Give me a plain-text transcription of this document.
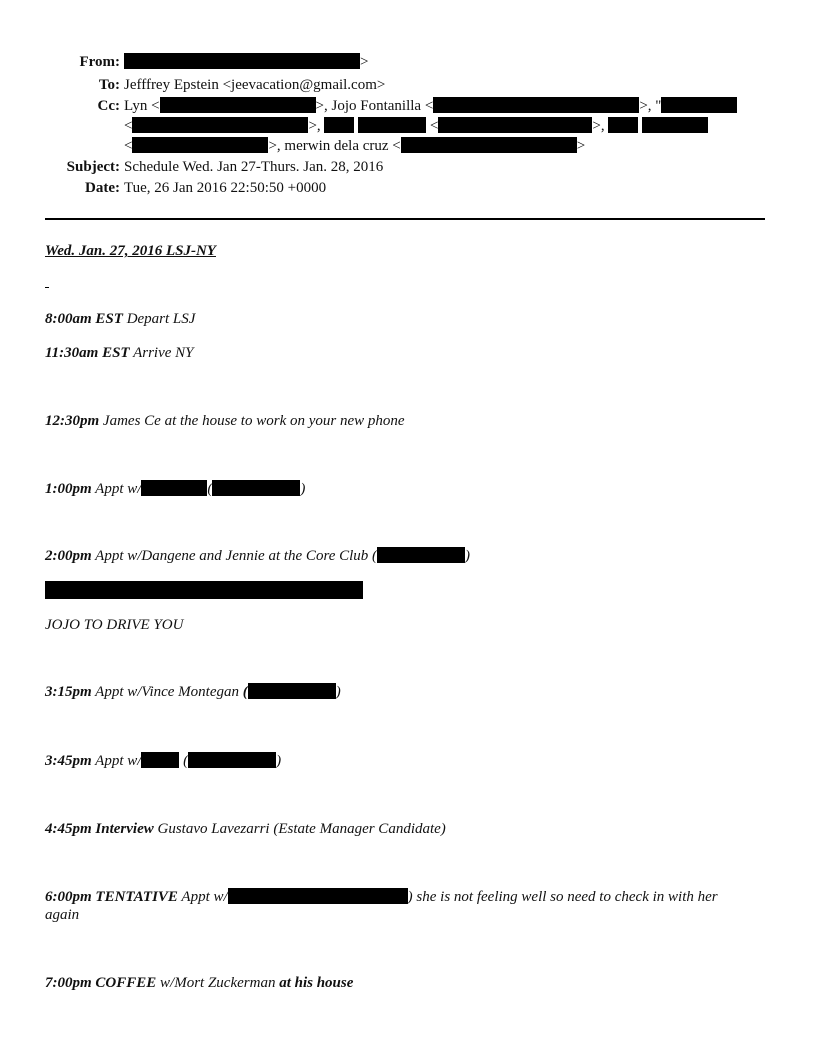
From:	>
To: Jefffrey Epstein <jeevacation@gmail.com>
Cc: Lyn <	>, Jojo Fontanilla <	>, "
<	>,	<	>,
<	>, merwin dela cruz <	>
Subject: Schedule Wed. Jan 27-Thurs. Jan. 28, 2016
Date: Tue, 26 Jan 2016 22:50:50 +0000
Wed. Jan. 27, 2016 LSJ-NY
8:00am EST Depart LSJ
11:30am EST Arrive NY
12:30pm James Ce at the house to work on your new phone
1:00pm Appt w/	(	)
2:00pm Appt w/Dangene and Jennie at the Core Club (	)
JOJO TO DRIVE YOU
3:15pm Appt w/Vince Montegan (	)
3:45pm Appt w/	(	)
4:45pm Interview Gustavo Lavezarri (Estate Manager Candidate)
6:00pm TENTATIVE Appt w/	) she is not feeling well so need to check in with her
again
7:00pm COFFEE w/Mort Zuckerman at his house
